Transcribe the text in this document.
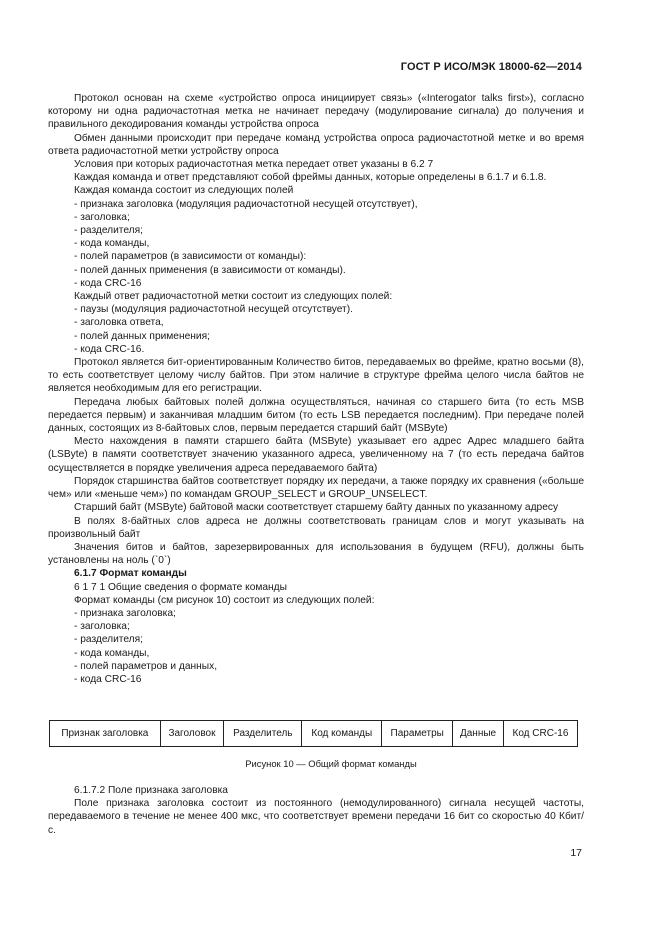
ГОСТ Р ИСО/МЭК 18000-62—2014

Протокол основан на схеме «устройство опроса инициирует связь» («Interogator talks first»), согласно которому ни одна радиочастотная метка не начинает передачу (модулирование сигнала) до получения и правильного декодирования команды устройства опроса

Обмен данными происходит при передаче команд устройства опроса радиочастотной метке и во время ответа радиочастотной метки устройству опроса

Условия при которых радиочастотная метка передает ответ указаны в 6.2 7

Каждая команда и ответ представляют собой фреймы данных, которые определены в 6.1.7 и 6.1.8.

Каждая команда состоит из следующих полей

- признака заголовка (модуляция радиочастотной несущей отсутствует),

- заголовка;

- разделителя;

- кода команды,

- полей параметров (в зависимости от команды):

- полей данных применения (в зависимости от команды).

- кода CRC-16

Каждый ответ радиочастотной метки состоит из следующих полей:

- паузы (модуляция радиочастотной несущей отсутствует).

- заголовка ответа,

- полей данных применения;

- кода CRC-16.

Протокол является бит-ориентированным Количество битов, передаваемых во фрейме, кратно восьми (8), то есть соответствует целому числу байтов. При этом наличие в структуре фрейма целого числа байтов не является необходимым для его регистрации.

Передача любых байтовых полей должна осуществляться, начиная со старшего бита (то есть MSB передается первым) и заканчивая младшим битом (то есть LSB передается последним). При передаче полей данных, состоящих из 8-байтовых слов, первым передается старший байт (MSByte)

Место нахождения в памяти старшего байта (MSByte) указывает его адрес Адрес младшего байта (LSByte) в памяти соответствует значению указанного адреса, увеличенному на 7 (то есть передача байтов осуществляется в порядке увеличения адреса передаваемого байта)

Порядок старшинства байтов соответствует порядку их передачи, а также порядку их сравнения («больше чем» или «меньше чем») по командам GROUP_SELECT и GROUP_UNSELECT.

Старший байт (MSByte) байтовой маски соответствует старшему байту данных по указанному адресу

В полях 8-байтных слов адреса не должны соответствовать границам слов и могут указывать на произвольный байт

Значения битов и байтов, зарезервированных для использования в будущем (RFU), должны быть установлены на ноль (`0`)

6.1.7 Формат команды

6 1 7 1 Общие сведения о формате команды

Формат команды (см рисунок 10) состоит из следующих полей:

- признака заголовка;

- заголовка;

- разделителя;

- кода команды,

- полей параметров и данных,

- кода CRC-16

Признак заголовка	Заголовок	Разделитель	Код команды	Параметры	Данные	Код CRC-16
Рисунок 10 — Общий формат команды

6.1.7.2 Поле признака заголовка

Поле признака заголовка состоит из постоянного (немодулированного) сигнала несущей частоты, передаваемого в течение не менее 400 мкс, что соответствует времени передачи 16 бит со скоростью 40 Кбит/с.

17
